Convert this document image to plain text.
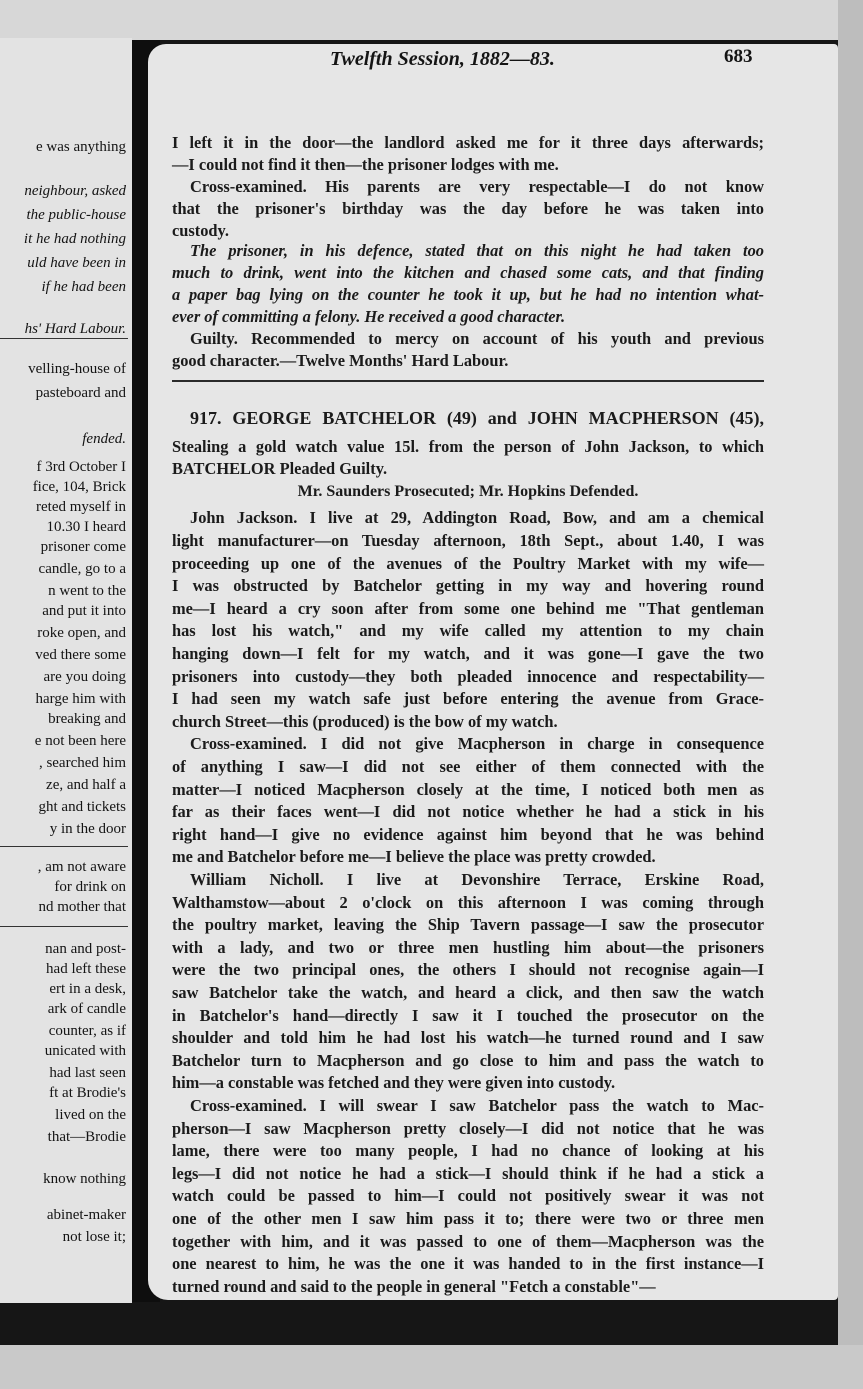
e was anything
neighbour, asked
the public-house
it he had nothing
uld have been in
if he had been
hs' Hard Labour.
velling-house of
pasteboard and
fended.
f 3rd October I
fice, 104, Brick
reted myself in
10.30 I heard
prisoner come
candle, go to a
n went to the
and put it into
roke open, and
ved there some
are you doing
harge him with
breaking and
e not been here
, searched him
ze, and half a
ght and tickets
y in the door
, am not aware
for drink on
nd mother that
nan and post-
had left these
ert in a desk,
ark of candle
counter, as if
unicated with
had last seen
ft at Brodie's
lived on the
that—Brodie
know nothing
abinet-maker
not lose it;
Twelfth Session, 1882—83.	683
I left it in the door—the landlord asked me for it three days afterwards;
—I could not find it then—the prisoner lodges with me.
Cross-examined. His parents are very respectable—I do not know
that the prisoner's birthday was the day before he was taken into
custody.
The prisoner, in his defence, stated that on this night he had taken too
much to drink, went into the kitchen and chased some cats, and that finding
a paper bag lying on the counter he took it up, but he had no intention what-
ever of committing a felony. He received a good character.
Guilty. Recommended to mercy on account of his youth and previous
good character.—Twelve Months' Hard Labour.
917. GEORGE BATCHELOR (49) and JOHN MACPHERSON (45),
Stealing a gold watch value 15l. from the person of John Jackson, to which
BATCHELOR Pleaded Guilty.
Mr. Saunders Prosecuted; Mr. Hopkins Defended.
John Jackson. I live at 29, Addington Road, Bow, and am a chemical
light manufacturer—on Tuesday afternoon, 18th Sept., about 1.40, I was
proceeding up one of the avenues of the Poultry Market with my wife—
I was obstructed by Batchelor getting in my way and hovering round
me—I heard a cry soon after from some one behind me "That gentleman
has lost his watch," and my wife called my attention to my chain
hanging down—I felt for my watch, and it was gone—I gave the two
prisoners into custody—they both pleaded innocence and respectability—
I had seen my watch safe just before entering the avenue from Grace-
church Street—this (produced) is the bow of my watch.
Cross-examined. I did not give Macpherson in charge in consequence
of anything I saw—I did not see either of them connected with the
matter—I noticed Macpherson closely at the time, I noticed both men as
far as their faces went—I did not notice whether he had a stick in his
right hand—I give no evidence against him beyond that he was behind
me and Batchelor before me—I believe the place was pretty crowded.
William Nicholl. I live at Devonshire Terrace, Erskine Road,
Walthamstow—about 2 o'clock on this afternoon I was coming through
the poultry market, leaving the Ship Tavern passage—I saw the prosecutor
with a lady, and two or three men hustling him about—the prisoners
were the two principal ones, the others I should not recognise again—I
saw Batchelor take the watch, and heard a click, and then saw the watch
in Batchelor's hand—directly I saw it I touched the prosecutor on the
shoulder and told him he had lost his watch—he turned round and I saw
Batchelor turn to Macpherson and go close to him and pass the watch to
him—a constable was fetched and they were given into custody.
Cross-examined. I will swear I saw Batchelor pass the watch to Mac-
pherson—I saw Macpherson pretty closely—I did not notice that he was
lame, there were too many people, I had no chance of looking at his
legs—I did not notice he had a stick—I should think if he had a stick a
watch could be passed to him—I could not positively swear it was not
one of the other men I saw him pass it to; there were two or three men
together with him, and it was passed to one of them—Macpherson was the
one nearest to him, he was the one it was handed to in the first instance—I
turned round and said to the people in general "Fetch a constable"—
